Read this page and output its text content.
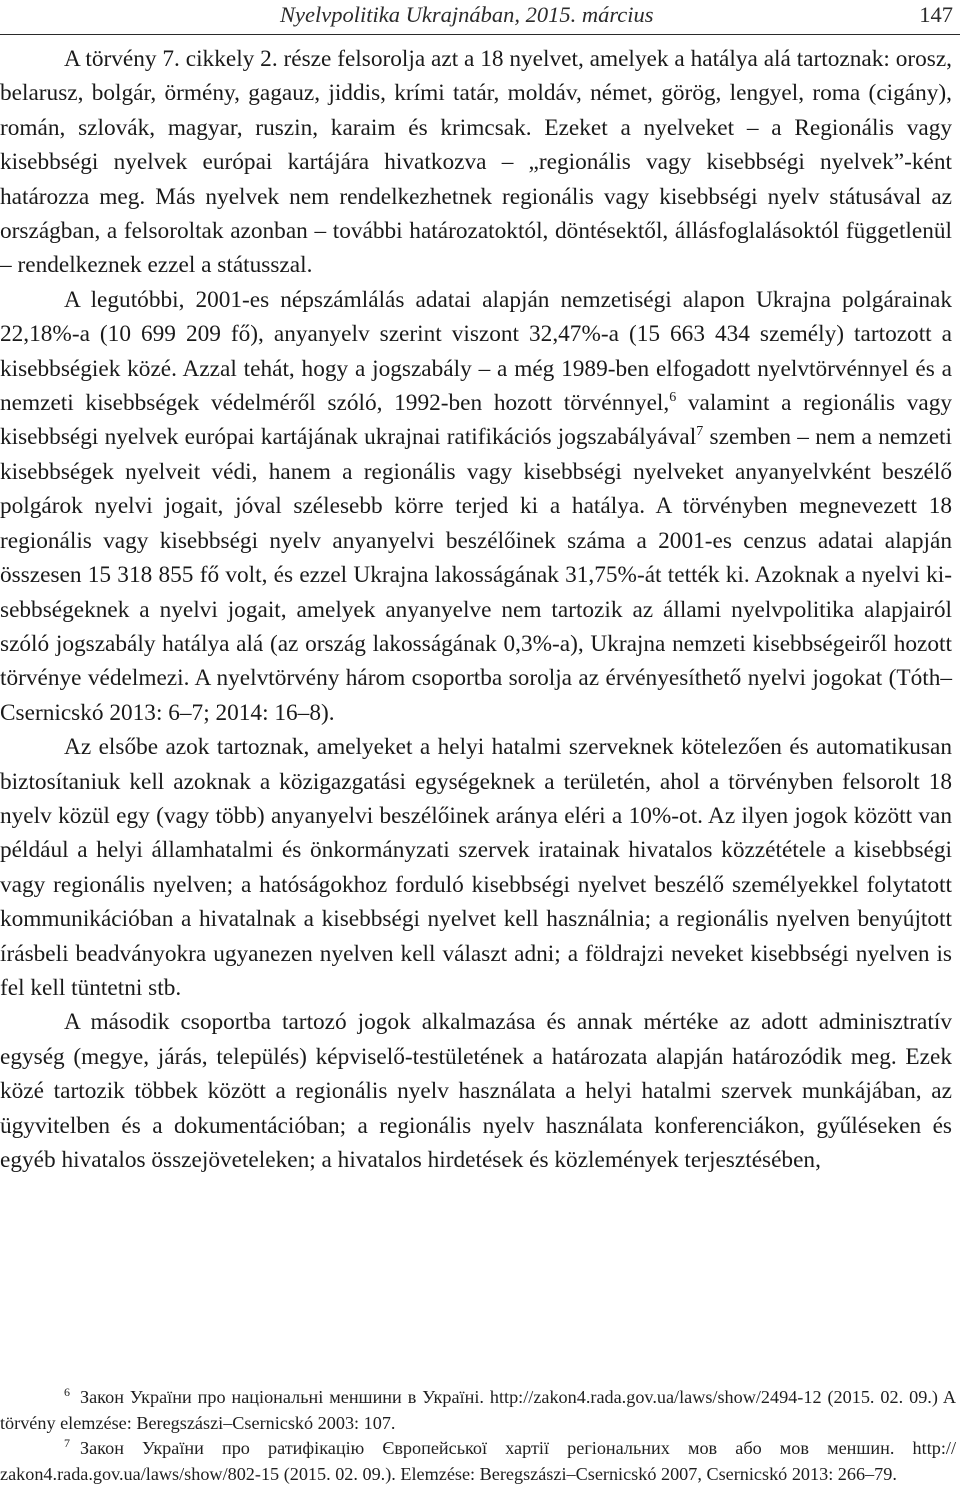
Nyelvpolitika Ukrajnában, 2015. március	147

A törvény 7. cikkely 2. része felsorolja azt a 18 nyelvet, amelyek a hatálya alá tartoznak: orosz, belarusz, bolgár, örmény, gagauz, jiddis, krími tatár, moldáv, német, görög, lengyel, roma (cigány), román, szlovák, magyar, ruszin, karaim és krimcsak. Ezeket a nyelveket – a Regionális vagy kisebbségi nyelvek európai kartájára hivatkozva – „regionális vagy kisebbségi nyelvek”-ként határozza meg. Más nyelvek nem rendelkezhetnek regionális vagy kisebbségi nyelv státusával az országban, a felsoroltak azonban – további határozatoktól, döntésektől, állásfoglalásoktól függetlenül – rendelkeznek ezzel a státusszal.

A legutóbbi, 2001-es népszámlálás adatai alapján nemzetiségi alapon Ukrajna polgárainak 22,18%-a (10 699 209 fő), anyanyelv szerint viszont 32,47%-a (15 663 434 személy) tartozott a kisebbségiek közé. Azzal tehát, hogy a jogszabály – a még 1989-ben elfogadott nyelvtörvénnyel és a nemzeti kisebbségek védelméről szóló, 1992-ben hozott törvénnyel,$^6$ valamint a regionális vagy kisebbségi nyelvek európai kartájának ukrajnai ratifikációs jogszabályával$^7$ szemben – nem a nemzeti kisebbségek nyelveit védi, hanem a regionális vagy kisebbségi nyelveket anyanyelvként beszélő polgárok nyelvi jogait, jóval szélesebb körre terjed ki a hatálya. A törvényben megnevezett 18 regionális vagy kisebbségi nyelv anyanyelvi beszélőinek száma a 2001-es cenzus adatai alapján összesen 15 318 855 fő volt, és ezzel Ukrajna lakosságának 31,75%-át tették ki. Azoknak a nyelvi kisebbségeknek a nyelvi jogait, amelyek anyanyelve nem tartozik az állami nyelvpolitika alapjairól szóló jogszabály hatálya alá (az ország lakosságának 0,3%-a), Ukrajna nemzeti kisebbségeiről hozott törvénye védelmezi. A nyelvtörvény három csoportba sorolja az érvényesíthető nyelvi jogokat (Tóth–Csernicskó 2013: 6–7; 2014: 16–8).

Az elsőbe azok tartoznak, amelyeket a helyi hatalmi szerveknek kötelezően és automatikusan biztosítaniuk kell azoknak a közigazgatási egységeknek a területén, ahol a törvényben felsorolt 18 nyelv közül egy (vagy több) anyanyelvi beszélőinek aránya eléri a 10%-ot. Az ilyen jogok között van például a helyi államhatalmi és önkormányzati szervek iratainak hivatalos közzététele a kisebbségi vagy regionális nyelven; a hatóságokhoz forduló kisebbségi nyelvet beszélő személyekkel folytatott kommunikációban a hivatalnak a kisebbségi nyelvet kell használnia; a regionális nyelven benyújtott írásbeli beadványokra ugyanezen nyelven kell választ adni; a földrajzi neveket kisebbségi nyelven is fel kell tüntetni stb.

A második csoportba tartozó jogok alkalmazása és annak mértéke az adott adminisztratív egység (megye, járás, település) képviselő-testületének a határozata alapján határozódik meg. Ezek közé tartozik többek között a regionális nyelv használata a helyi hatalmi szervek munkájában, az ügyvitelben és a dokumentációban; a regionális nyelv használata konferenciákon, gyűléseken és egyéb hivatalos összejöveteleken; a hivatalos hirdetések és közlemények terjesztésében,

$^6$ Закон України про національні меншини в Україні. http://zakon4.rada.gov.ua/laws/show/2494-12 (2015. 02. 09.) A törvény elemzése: Beregszászi–Csernicskó 2003: 107.

$^7$ Закон України про ратифікацію Європейської хартії регіональних мов або мов меншин. http:// zakon4.rada.gov.ua/laws/show/802-15 (2015. 02. 09.). Elemzése: Beregszászi–Csernicskó 2007, Csernicskó 2013: 266–79.
